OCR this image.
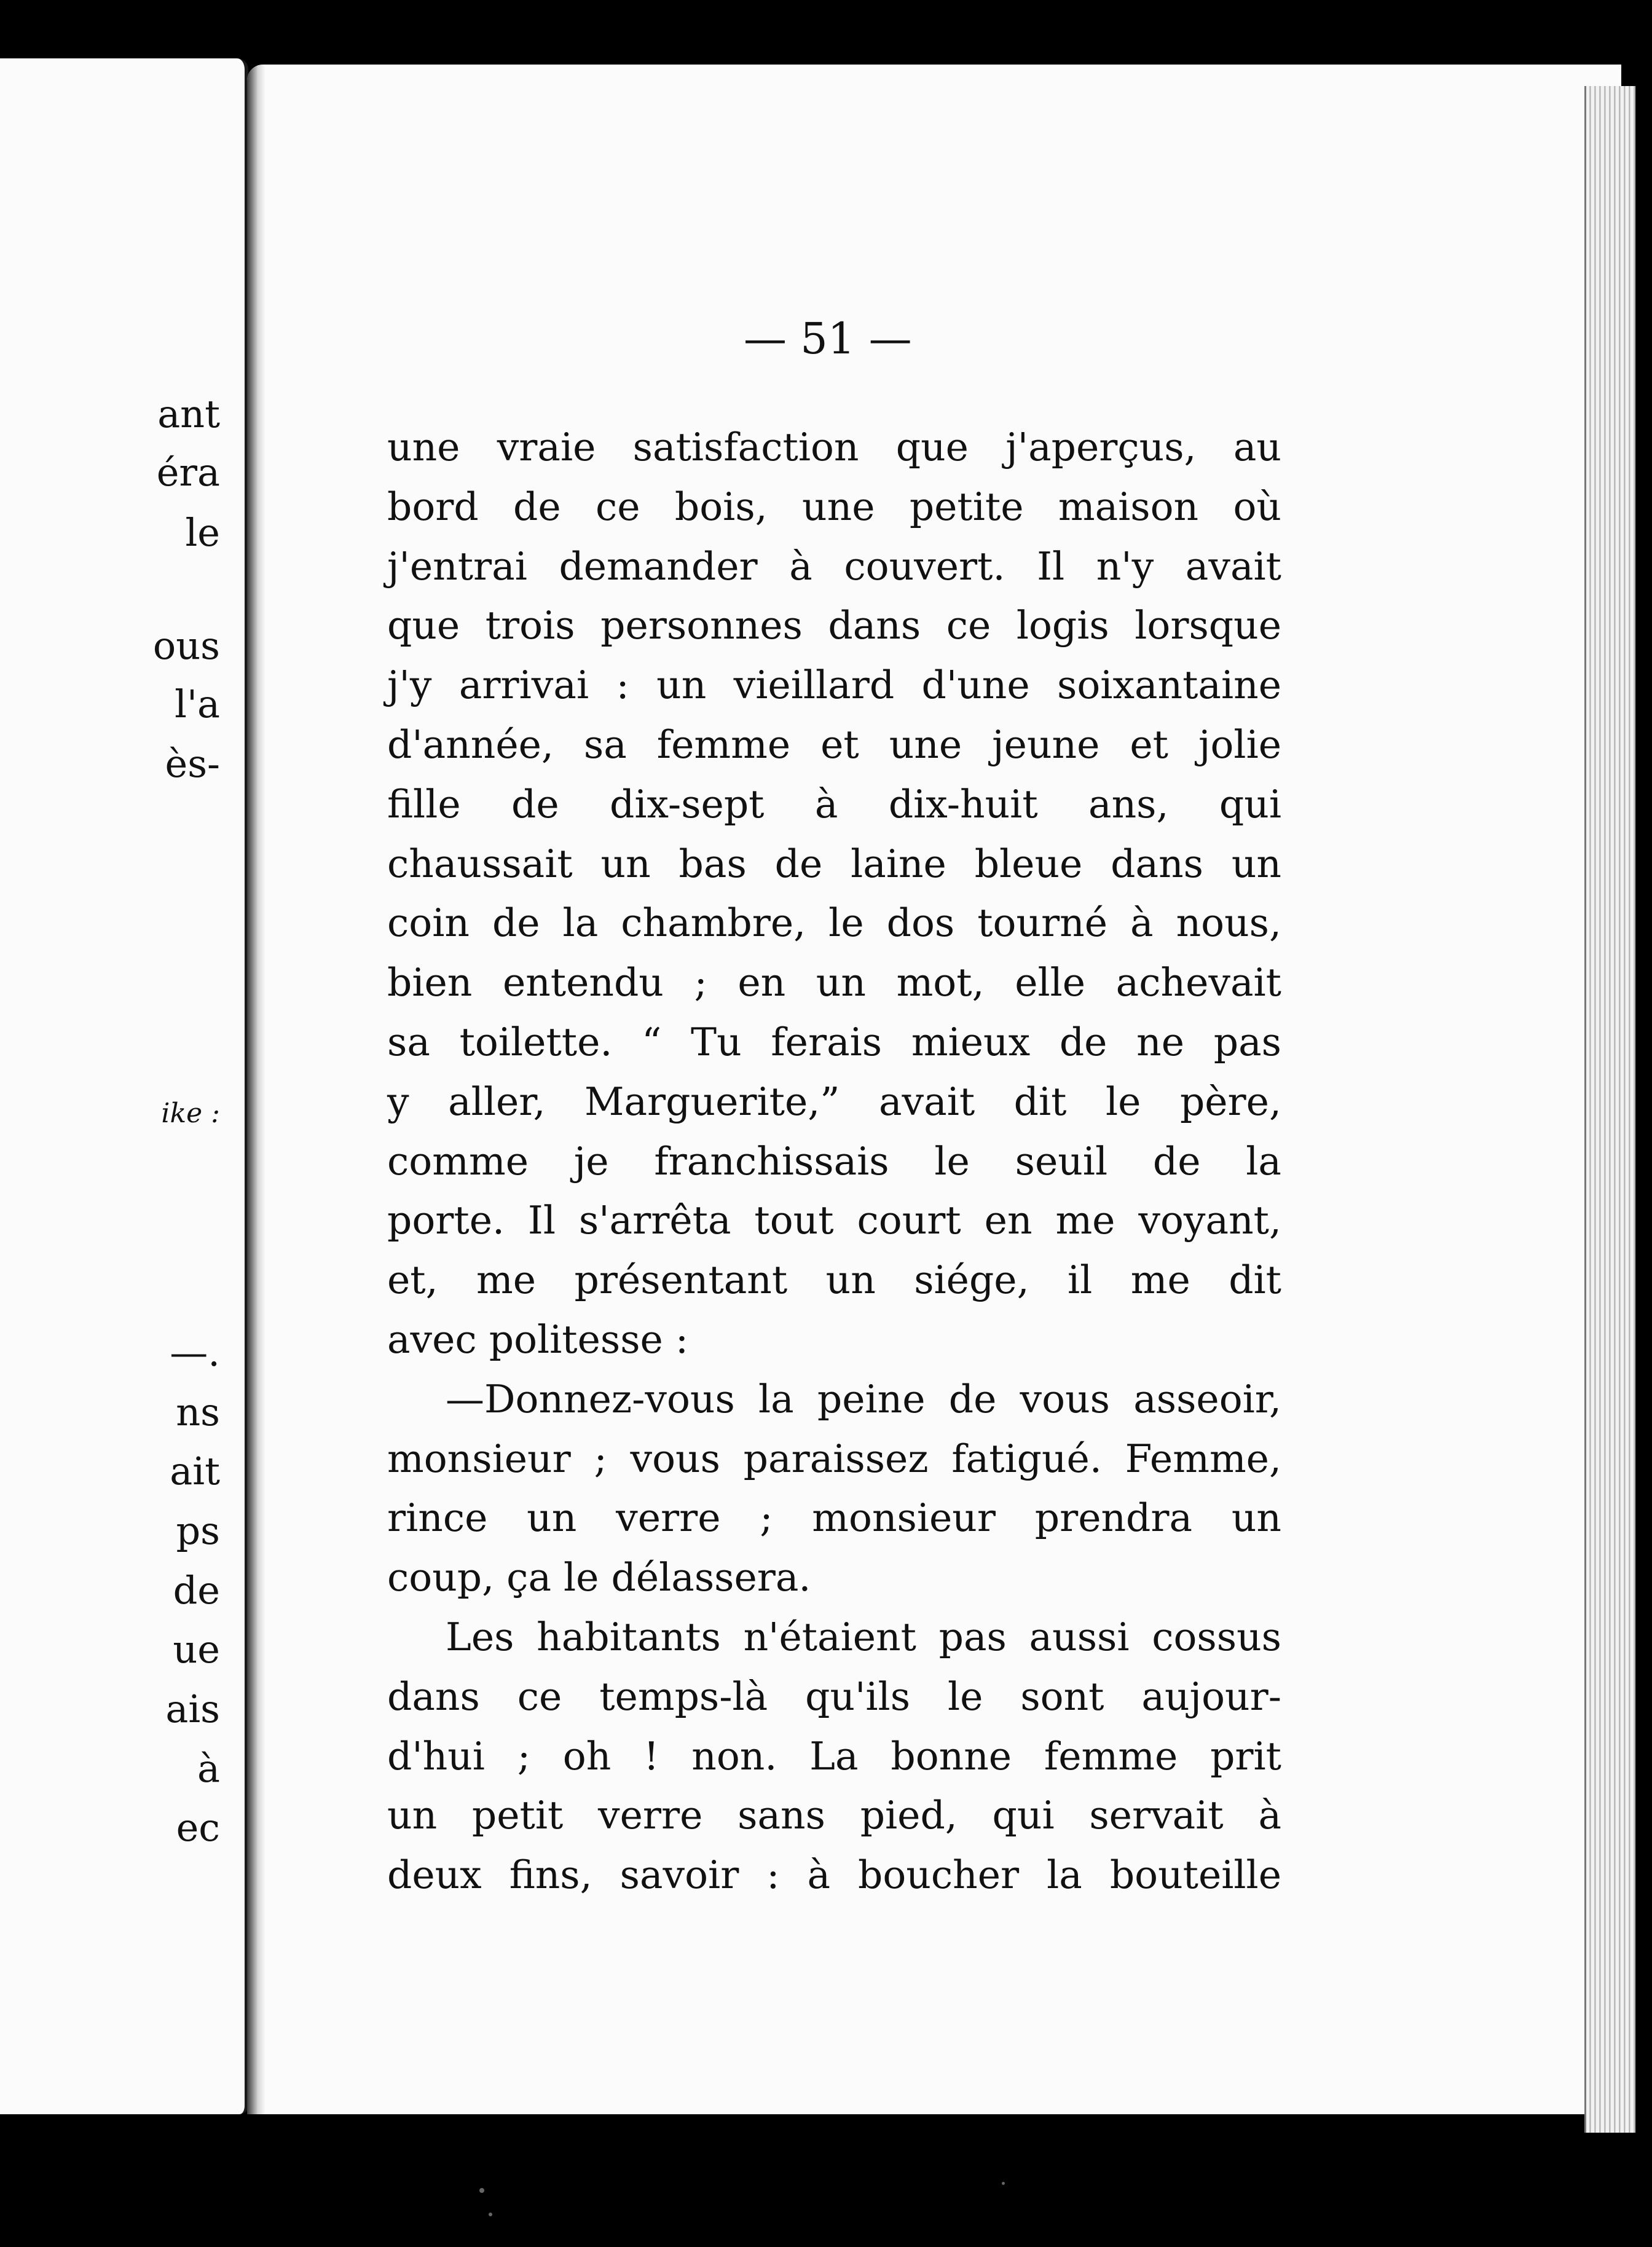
ant
éra
le
ous
l'a
ès-
ike :
—.
ns
ait
ps
de
ue
ais
à
ec
— 51 —
une vraie satisfaction que j'aperçus, au
bord de ce bois, une petite maison où
j'entrai demander à couvert. Il n'y avait
que trois personnes dans ce logis lorsque
j'y arrivai : un vieillard d'une soixantaine
d'année, sa femme et une jeune et jolie
fille de dix-sept à dix-huit ans, qui
chaussait un bas de laine bleue dans un
coin de la chambre, le dos tourné à nous,
bien entendu ; en un mot, elle achevait
sa toilette. “ Tu ferais mieux de ne pas
y aller, Marguerite,” avait dit le père,
comme je franchissais le seuil de la
porte. Il s'arrêta tout court en me voyant,
et, me présentant un siége, il me dit
avec politesse :
—Donnez-vous la peine de vous asseoir,
monsieur ; vous paraissez fatigué. Femme,
rince un verre ; monsieur prendra un
coup, ça le délassera.
Les habitants n'étaient pas aussi cossus
dans ce temps-là qu'ils le sont aujour-
d'hui ; oh ! non. La bonne femme prit
un petit verre sans pied, qui servait à
deux fins, savoir : à boucher la bouteille
